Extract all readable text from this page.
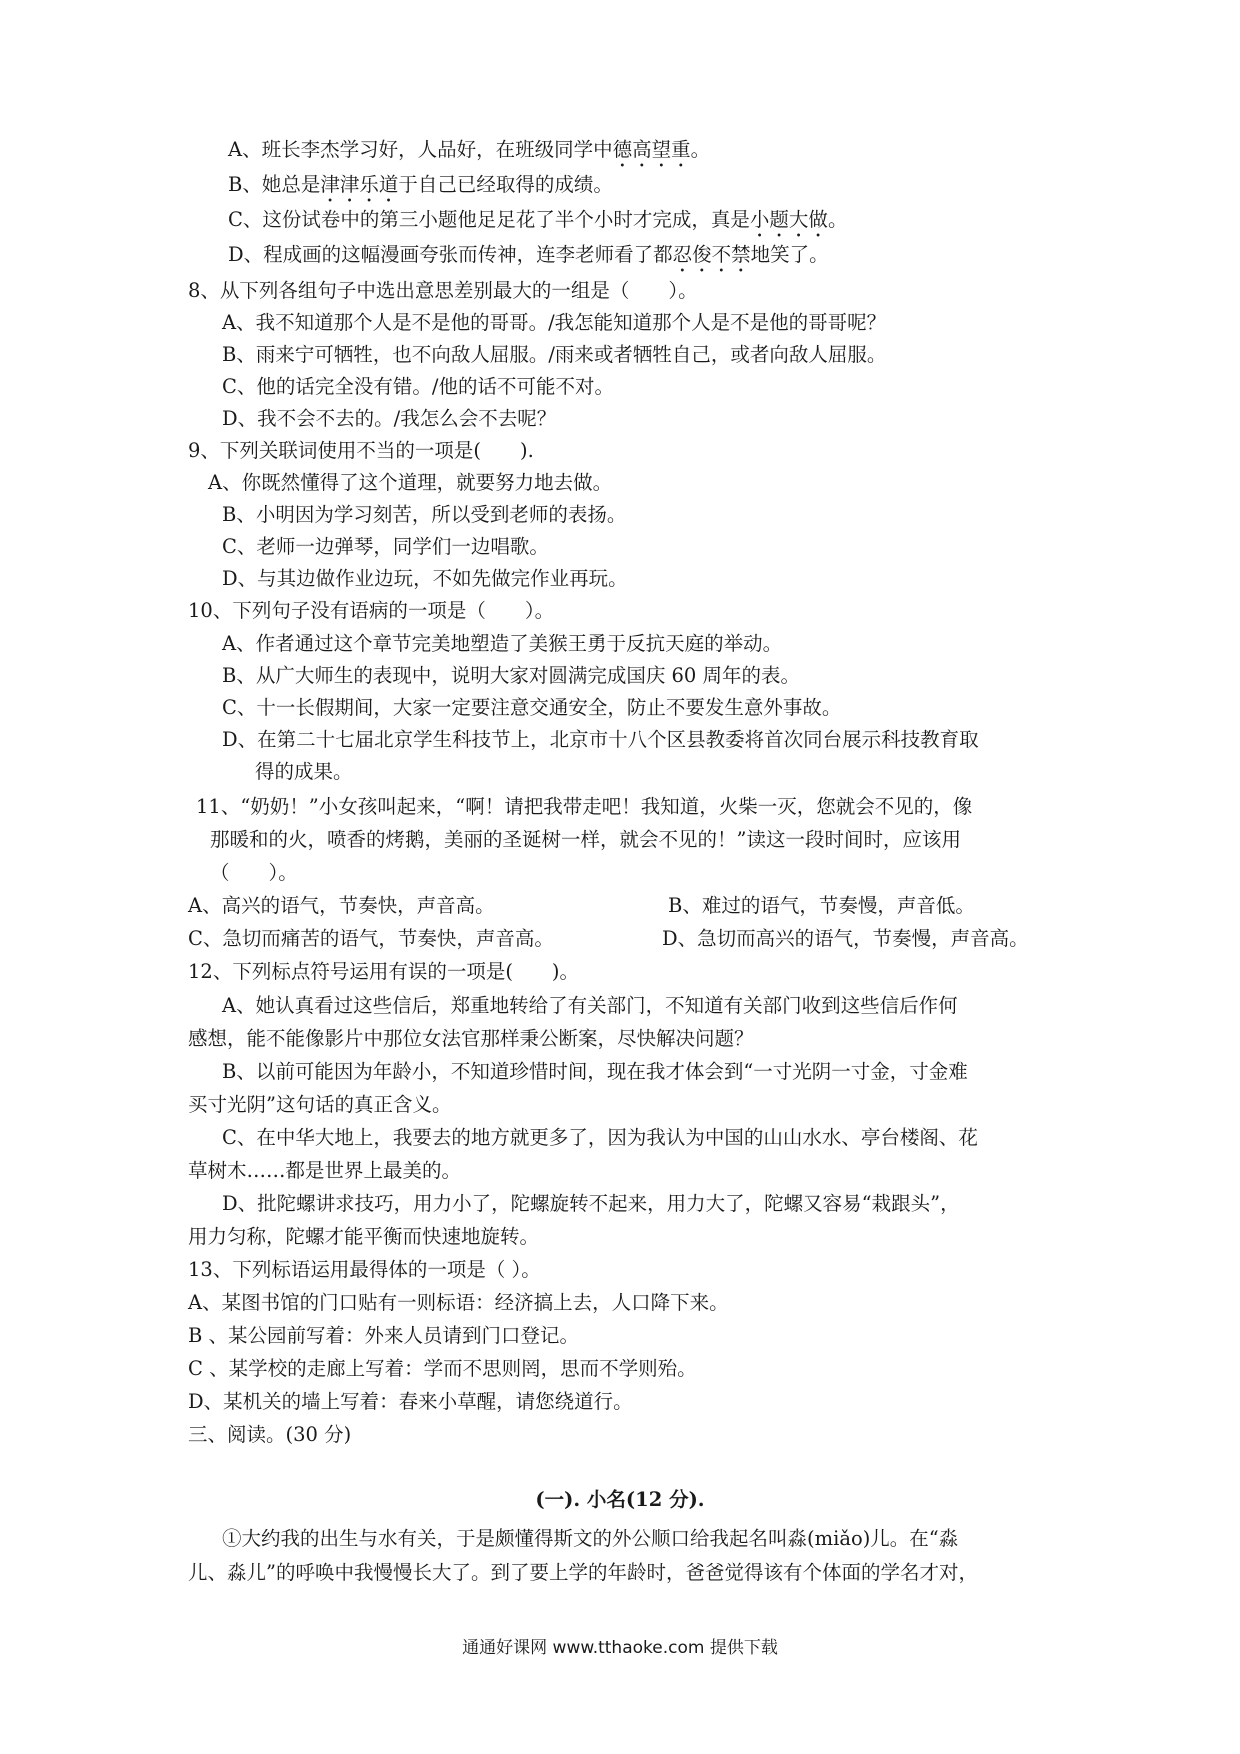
A、班长李杰学习好，人品好，在班级同学中德高望重。
B、她总是津津乐道于自己已经取得的成绩。
C、这份试卷中的第三小题他足足花了半个小时才完成，真是小题大做。
D、程成画的这幅漫画夸张而传神，连李老师看了都忍俊不禁地笑了。
8、从下列各组句子中选出意思差别最大的一组是（　　）。
A、我不知道那个人是不是他的哥哥。/我怎能知道那个人是不是他的哥哥呢？
B、雨来宁可牺牲，也不向敌人屈服。/雨来或者牺牲自己，或者向敌人屈服。
C、他的话完全没有错。/他的话不可能不对。
D、我不会不去的。/我怎么会不去呢？
9、下列关联词使用不当的一项是(　　).
A、你既然懂得了这个道理，就要努力地去做。
B、小明因为学习刻苦，所以受到老师的表扬。
C、老师一边弹琴，同学们一边唱歌。
D、与其边做作业边玩，不如先做完作业再玩。
10、下列句子没有语病的一项是（　　）。
A、作者通过这个章节完美地塑造了美猴王勇于反抗天庭的举动。
B、从广大师生的表现中，说明大家对圆满完成国庆 60 周年的表。
C、十一长假期间，大家一定要注意交通安全，防止不要发生意外事故。
D、在第二十七届北京学生科技节上，北京市十八个区县教委将首次同台展示科技教育取
得的成果。
11、“奶奶！”小女孩叫起来，“啊！请把我带走吧！我知道，火柴一灭，您就会不见的，像
那暖和的火，喷香的烤鹅，美丽的圣诞树一样，就会不见的！”读这一段时间时，应该用
（　　）。
A、高兴的语气，节奏快，声音高。	B、难过的语气，节奏慢，声音低。
C、急切而痛苦的语气，节奏快，声音高。	D、急切而高兴的语气，节奏慢，声音高。
12、下列标点符号运用有误的一项是(　　)。
A、她认真看过这些信后，郑重地转给了有关部门，不知道有关部门收到这些信后作何
感想，能不能像影片中那位女法官那样秉公断案，尽快解决问题？
B、以前可能因为年龄小，不知道珍惜时间，现在我才体会到“一寸光阴一寸金，寸金难
买寸光阴”这句话的真正含义。
C、在中华大地上，我要去的地方就更多了，因为我认为中国的山山水水、亭台楼阁、花
草树木……都是世界上最美的。
D、批陀螺讲求技巧，用力小了，陀螺旋转不起来，用力大了，陀螺又容易“栽跟头”，
用力匀称，陀螺才能平衡而快速地旋转。
13、下列标语运用最得体的一项是（ ）。
A、某图书馆的门口贴有一则标语：经济搞上去，人口降下来。
B 、某公园前写着：外来人员请到门口登记。
C 、某学校的走廊上写着：学而不思则罔，思而不学则殆。
D、某机关的墙上写着：春来小草醒，请您绕道行。
三、阅读。(30 分)
(一). 小名(12 分).
①大约我的出生与水有关，于是颇懂得斯文的外公顺口给我起名叫淼(miǎo)儿。在“淼
儿、淼儿”的呼唤中我慢慢长大了。到了要上学的年龄时，爸爸觉得该有个体面的学名才对，
通通好课网 www.tthaoke.com 提供下载
